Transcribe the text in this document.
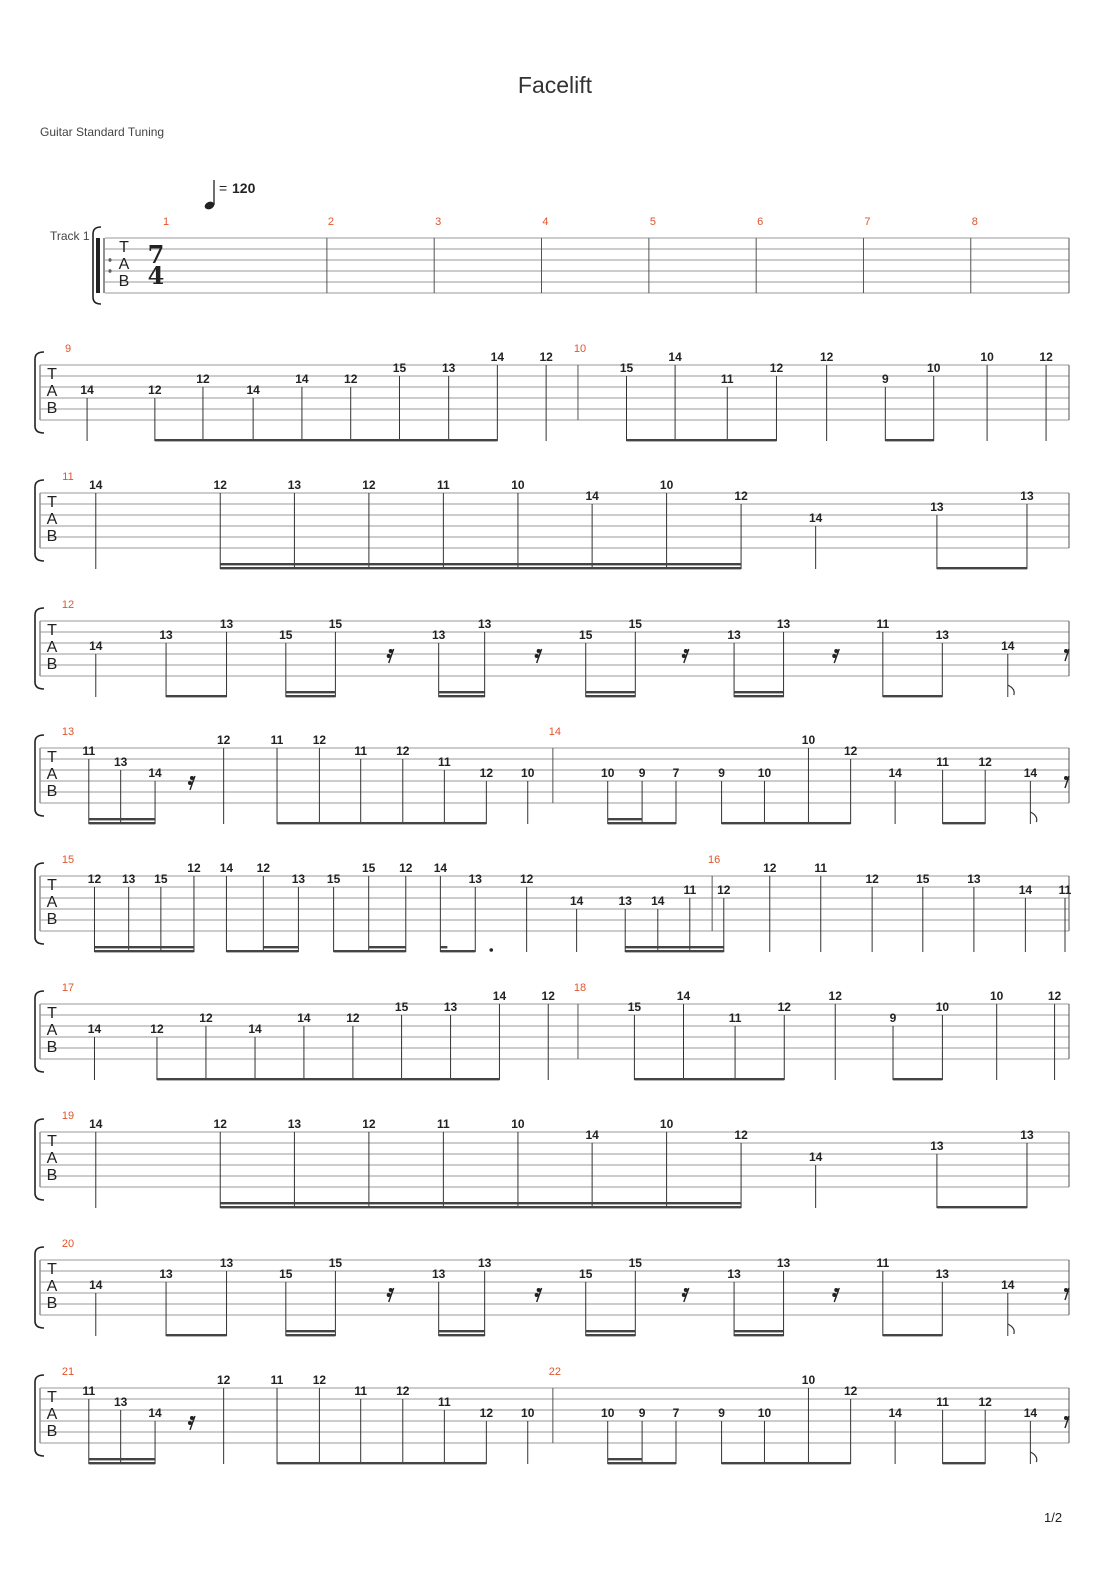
Facelift
Guitar Standard Tuning
= 120
Track 1
1/2
T
A
B
7
4
1	2	3	4	5	6	7	8
T
A
B
9	10
14	12
12
14
14	12
15	13
14	12
15
14
11
12
12
9
10
10	12
T
A
B
11
14	12	13	12	11	10
14
10
12
14
13
13
T
A
B
12
14
13
13
15
15
13
13
15
15
13
13	11
13
14
T
A
B
13	14
11
13
14
12	11 12
11 12
11
12 10	10 9 7	9	10
10
12
14
11 12
14
T
A
B
15	16
12 13 15
12 14 12
13 15
15 12 14
13	12
14	13 14
11 12
12	11
12	15	13
14 11
T
A
B
17	18
14	12
12
14
14	12
15	13
14	12
15
14
11
12
12
9
10
10	12
T
A
B
19
14	12	13	12	11	10
14
10
12
14
13
13
T
A
B
20
14
13
13
15
15
13
13
15
15
13
13	11
13
14
T
A
B
21	22
11
13
14
12	11 12
11 12
11
12 10	10 9 7	9	10
10
12
14
11 12
14
